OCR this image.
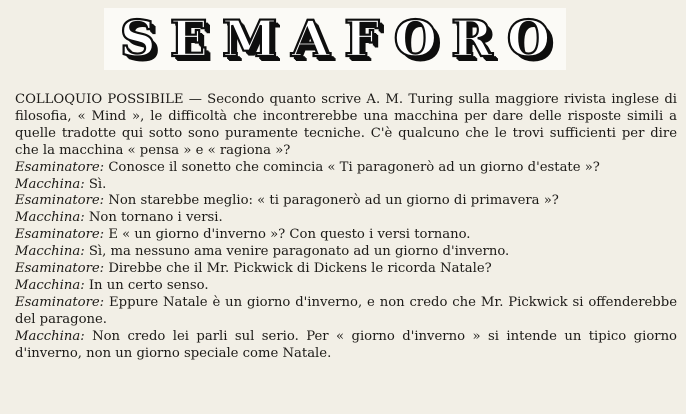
SEMAFORO

COLLOQUIO POSSIBILE — Secondo quanto scrive A. M. Turing sulla maggiore rivista inglese di filosofia, « Mind », le difficoltà che incontrerebbe una macchina per dare delle risposte simili a quelle tradotte qui sotto sono puramente tecniche. C'è qualcuno che le trovi sufficienti per dire che la macchina « pensa » e « ragiona »?

Esaminatore: Conosce il sonetto che comincia « Ti paragonerò ad un giorno d'estate »?

Macchina: Sì.

Esaminatore: Non starebbe meglio: « ti paragonerò ad un giorno di primavera »?

Macchina: Non tornano i versi.

Esaminatore: E « un giorno d'inverno »? Con questo i versi tornano.

Macchina: Sì, ma nessuno ama venire paragonato ad un giorno d'inverno.

Esaminatore: Direbbe che il Mr. Pickwick di Dickens le ricorda Natale?

Macchina: In un certo senso.

Esaminatore: Eppure Natale è un giorno d'inverno, e non credo che Mr. Pickwick si offenderebbe del paragone.

Macchina: Non credo lei parli sul serio. Per « giorno d'inverno » si intende un tipico giorno d'inverno, non un giorno speciale come Natale.
